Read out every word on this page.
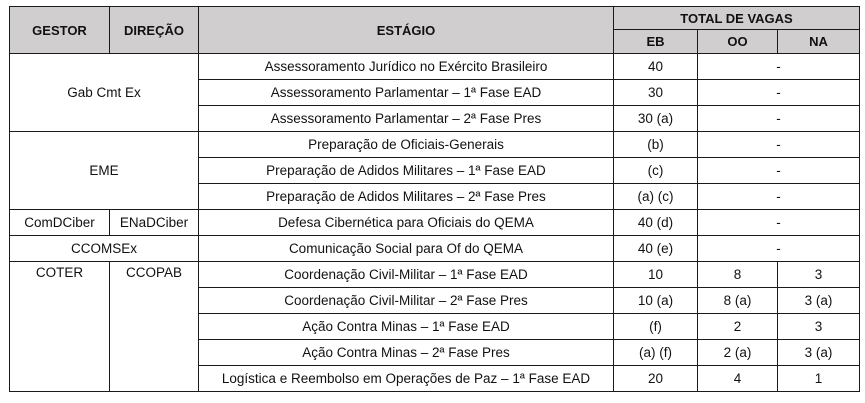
GESTOR	DIREÇÃO	ESTÁGIO	TOTAL DE VAGAS		
			EB	OO	NA
Gab Cmt Ex		Assessoramento Jurídico no Exército Brasileiro	40	-	
		Assessoramento Parlamentar – 1ª Fase EAD	30	-	
		Assessoramento Parlamentar – 2ª Fase Pres	30 (a)	-	
EME		Preparação de Oficiais-Generais	(b)	-	
		Preparação de Adidos Militares – 1ª Fase EAD	(c)	-	
		Preparação de Adidos Militares – 2ª Fase Pres	(a) (c)	-	
ComDCiber	ENaDCiber	Defesa Cibernética para Oficiais do QEMA	40 (d)	-	
CCOMSEx		Comunicação Social para Of do QEMA	40 (e)	-	
COTER	CCOPAB	Coordenação Civil-Militar – 1ª Fase EAD	10	8	3
		Coordenação Civil-Militar – 2ª Fase Pres	10 (a)	8 (a)	3 (a)
		Ação Contra Minas – 1ª Fase EAD	(f)	2	3
		Ação Contra Minas – 2ª Fase Pres	(a) (f)	2 (a)	3 (a)
		Logística e Reembolso em Operações de Paz – 1ª Fase EAD	20	4	1
